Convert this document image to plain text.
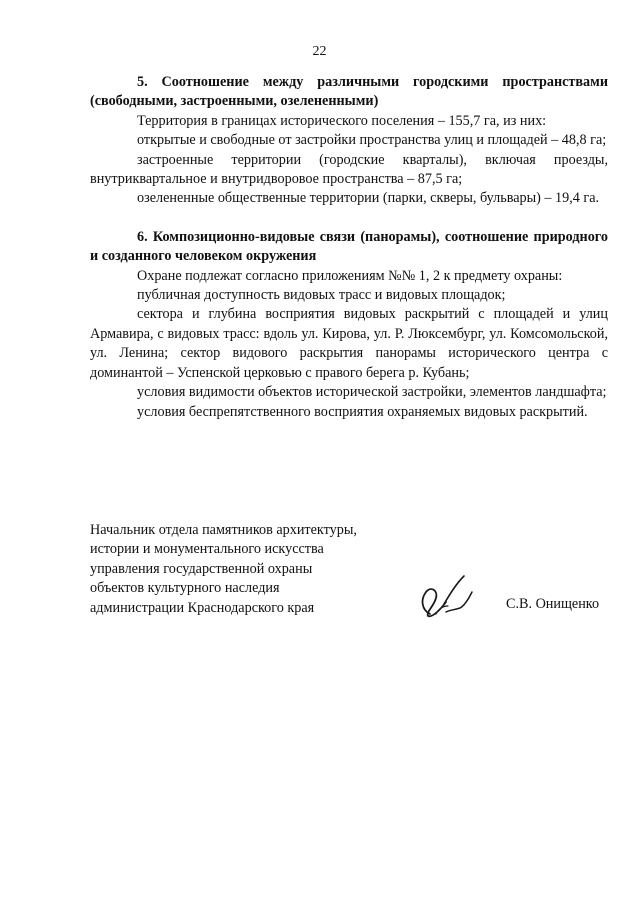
22

5. Соотношение между различными городскими пространствами (свободными, застроенными, озелененными)

Территория в границах исторического поселения – 155,7 га, из них:

открытые и свободные от застройки пространства улиц и площадей – 48,8 га;

застроенные территории (городские кварталы), включая проезды, внутриквартальное и внутридворовое пространства – 87,5 га;

озелененные общественные территории (парки, скверы, бульвары) – 19,4 га.

6. Композиционно-видовые связи (панорамы), соотношение природного и созданного человеком окружения

Охране подлежат согласно приложениям №№ 1, 2 к предмету охраны:

публичная доступность видовых трасс и видовых площадок;

сектора и глубина восприятия видовых раскрытий с площадей и улиц Армавира, с видовых трасс: вдоль ул. Кирова, ул. Р. Люксембург, ул. Комсомольской, ул. Ленина; сектор видового раскрытия панорамы исторического центра с доминантой – Успенской церковью с правого берега р. Кубань;

условия видимости объектов исторической застройки, элементов ландшафта;

условия беспрепятственного восприятия охраняемых видовых раскрытий.

Начальник отдела памятников архитектуры,
истории и монументального искусства
управления государственной охраны
объектов культурного наследия
администрации Краснодарского края	С.В. Онищенко
